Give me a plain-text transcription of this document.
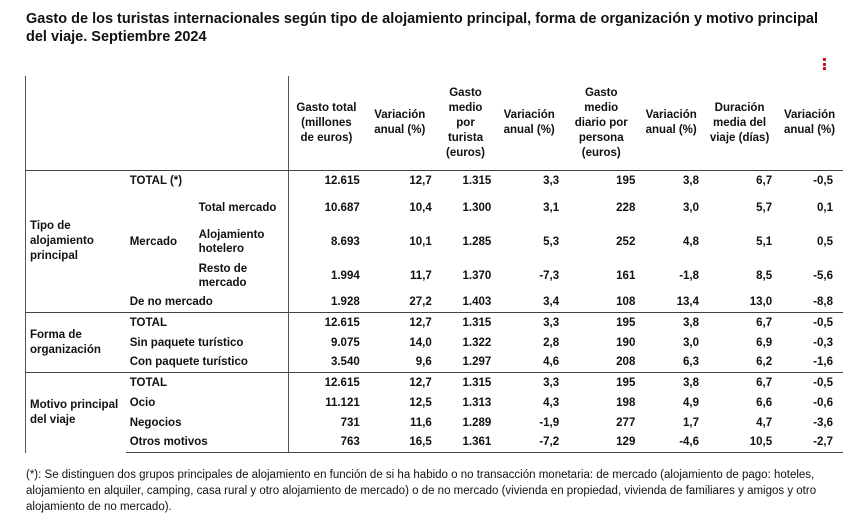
Gasto de los turistas internacionales según tipo de alojamiento principal, forma de organización y motivo principal del viaje. Septiembre 2024
			Gasto total (millones de euros)	Variación anual (%)	Gasto medio por turista (euros)	Variación anual (%)	Gasto medio diario por persona (euros)	Variación anual (%)	Duración media del viaje (días)	Variación anual (%)
Tipo de alojamiento principal	TOTAL (*)		12.615	12,7	1.315	3,3	195	3,8	6,7	-0,5
	Mercado	Total mercado	10.687	10,4	1.300	3,1	228	3,0	5,7	0,1
		Alojamiento hotelero	8.693	10,1	1.285	5,3	252	4,8	5,1	0,5
		Resto de mercado	1.994	11,7	1.370	-7,3	161	-1,8	8,5	-5,6
	De no mercado		1.928	27,2	1.403	3,4	108	13,4	13,0	-8,8
Forma de organización	TOTAL		12.615	12,7	1.315	3,3	195	3,8	6,7	-0,5
	Sin paquete turístico		9.075	14,0	1.322	2,8	190	3,0	6,9	-0,3
	Con paquete turístico		3.540	9,6	1.297	4,6	208	6,3	6,2	-1,6
Motivo principal del viaje	TOTAL		12.615	12,7	1.315	3,3	195	3,8	6,7	-0,5
	Ocio		11.121	12,5	1.313	4,3	198	4,9	6,6	-0,6
	Negocios		731	11,6	1.289	-1,9	277	1,7	4,7	-3,6
	Otros motivos		763	16,5	1.361	-7,2	129	-4,6	10,5	-2,7
(*): Se distinguen dos grupos principales de alojamiento en función de si ha habido o no transacción monetaria: de mercado (alojamiento de pago: hoteles, alojamiento en alquiler, camping, casa rural y otro alojamiento de mercado) o de no mercado (vivienda en propiedad, vivienda de familiares y amigos y otro alojamiento de no mercado).
